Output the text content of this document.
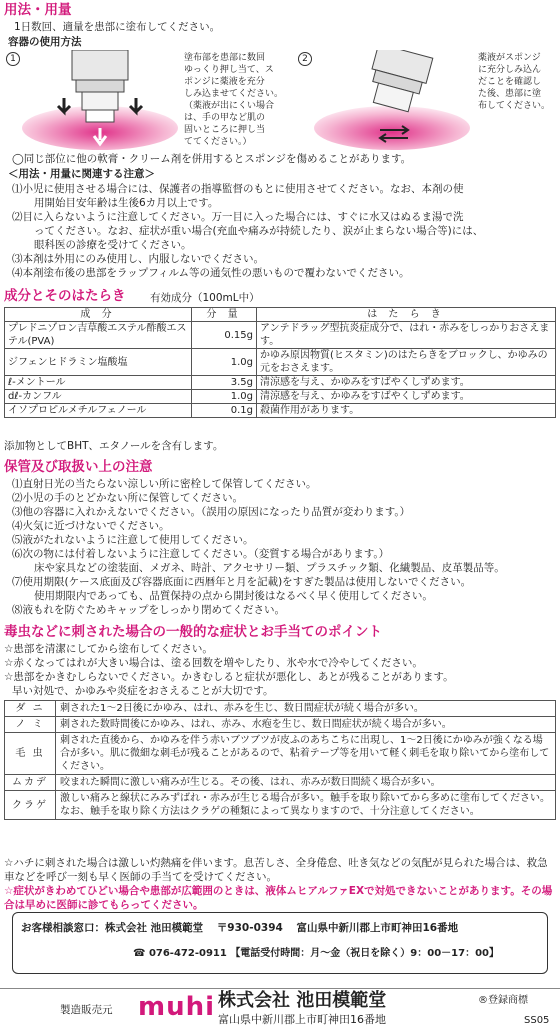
用法・用量
1日数回、適量を患部に塗布してください。
容器の使用方法
1	塗布部を患部に数回
ゆっくり押し当て、ス
ポンジに薬液を充分
しみ込ませてください。
（薬液が出にくい場合
は、手の甲など肌の
固いところに押し当
ててください。）
2	薬液がスポンジ
に充分しみ込ん
だことを確認し
た後、患部に塗
布してください。
◯同じ部位に他の軟膏・クリーム剤を併用するとスポンジを傷めることがあります。
＜用法・用量に関連する注意＞
⑴小児に使用させる場合には、保護者の指導監督のもとに使用させてください。なお、本剤の使
用開始目安年齢は生後6カ月以上です。
⑵目に入らないように注意してください。万一目に入った場合には、すぐに水又はぬるま湯で洗
ってください。なお、症状が重い場合(充血や痛みが持続したり、涙が止まらない場合等)には、
眼科医の診療を受けてください。
⑶本剤は外用にのみ使用し、内服しないでください。
⑷本剤塗布後の患部をラップフィルム等の通気性の悪いもので覆わないでください。
成分とそのはたらき 有効成分（100mL中）
成 分	分 量	は た ら き
プレドニゾロン吉草酸エステル酢酸エステル(PVA)	0.15g	アンテドラッグ型抗炎症成分で、はれ・赤みをしっかりおさえます。
ジフェンヒドラミン塩酸塩	1.0g	かゆみ原因物質(ヒスタミン)のはたらきをブロックし、かゆみの元をおさえます。
ℓ-メントール	3.5g	清涼感を与え、かゆみをすばやくしずめます。
dℓ-カンフル	1.0g	清涼感を与え、かゆみをすばやくしずめます。
イソプロピルメチルフェノール	0.1g	殺菌作用があります。
添加物としてBHT、エタノールを含有します。
保管及び取扱い上の注意
⑴直射日光の当たらない涼しい所に密栓して保管してください。
⑵小児の手のとどかない所に保管してください。
⑶他の容器に入れかえないでください。（誤用の原因になったり品質が変わります。）
⑷火気に近づけないでください。
⑸液がたれないように注意して使用してください。
⑹次の物には付着しないように注意してください。（変質する場合があります。）
床や家具などの塗装面、メガネ、時計、アクセサリー類、プラスチック類、化繊製品、皮革製品等。
⑺使用期限(ケース底面及び容器底面に西暦年と月を記載)をすぎた製品は使用しないでください。
使用期限内であっても、品質保持の点から開封後はなるべく早く使用してください。
⑻液もれを防ぐためキャップをしっかり閉めてください。
毒虫などに刺された場合の一般的な症状とお手当てのポイント
☆患部を清潔にしてから塗布してください。
☆赤くなってはれが大きい場合は、塗る回数を増やしたり、氷や水で冷やしてください。
☆患部をかきむしらないでください。かきむしると症状が悪化し、あとが残ることがあります。
早い対処で、かゆみや炎症をおさえることが大切です。
ダ ニ	刺された1～2日後にかゆみ、はれ、赤みを生じ、数日間症状が続く場合が多い。
ノ ミ	刺された数時間後にかゆみ、はれ、赤み、水疱を生じ、数日間症状が続く場合が多い。
毛 虫	刺された直後から、かゆみを伴う赤いブツブツが皮ふのあちこちに出現し、1～2日後にかゆみが強くなる場合が多い。肌に微細な刺毛が残ることがあるので、粘着テープ等を用いて軽く刺毛を取り除いてから塗布してください。
ムカデ	咬まれた瞬間に激しい痛みが生じる。その後、はれ、赤みが数日間続く場合が多い。
クラゲ	激しい痛みと線状にみみずばれ・赤みが生じる場合が多い。触手を取り除いてから多めに塗布してください。なお、触手を取り除く方法はクラゲの種類によって異なりますので、十分注意してください。
☆ハチに刺された場合は激しい灼熱痛を伴います。息苦しさ、全身倦怠、吐き気などの気配が見られた場合は、救急車などを呼び一刻も早く医師の手当てを受けてください。
☆症状がきわめてひどい場合や患部が広範囲のときは、液体ムヒアルファEXで対処できないことがあります。その場合は早めに医師に診てもらってください。
お客様相談窓口：株式会社 池田模範堂 〒930-0394 富山県中新川郡上市町神田16番地
☎ 076-472-0911 【電話受付時間：月～金（祝日を除く）9：00－17：00】
製造販売元 muhi 株式会社 池田模範堂
富山県中新川郡上市町神田16番地
®登録商標
SS05
